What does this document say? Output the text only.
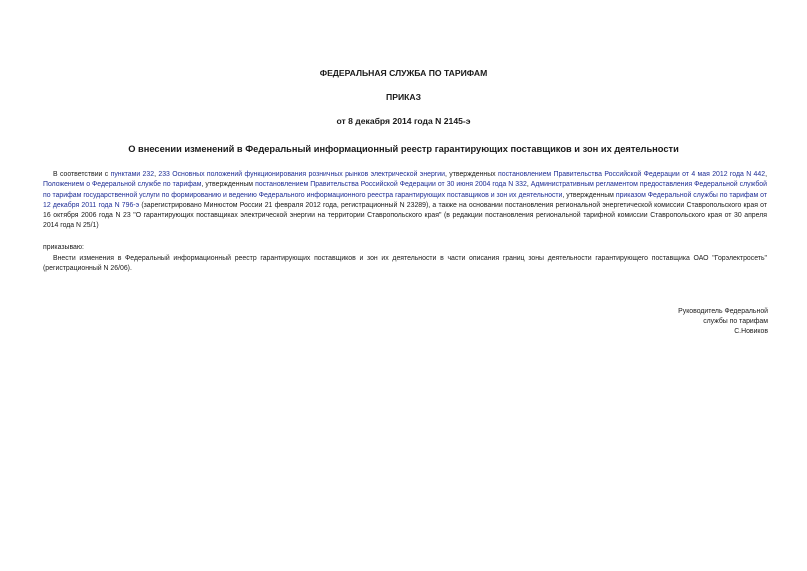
ФЕДЕРАЛЬНАЯ СЛУЖБА ПО ТАРИФАМ
ПРИКАЗ
от 8 декабря 2014 года N 2145-э
О внесении изменений в Федеральный информационный реестр гарантирующих поставщиков и зон их деятельности
В соответствии с пунктами 232, 233 Основных положений функционирования розничных рынков электрической энергии, утвержденных постановлением Правительства Российской Федерации от 4 мая 2012 года N 442, Положением о Федеральной службе по тарифам, утвержденным постановлением Правительства Российской Федерации от 30 июня 2004 года N 332, Административным регламентом предоставления Федеральной службой по тарифам государственной услуги по формированию и ведению Федерального информационного реестра гарантирующих поставщиков и зон их деятельности, утвержденным приказом Федеральной службы по тарифам от 12 декабря 2011 года N 796-э (зарегистрировано Минюстом России 21 февраля 2012 года, регистрационный N 23289), а также на основании постановления региональной энергетической комиссии Ставропольского края от 16 октября 2006 года N 23 "О гарантирующих поставщиках электрической энергии на территории Ставропольского края" (в редакции постановления региональной тарифной комиссии Ставропольского края от 30 апреля 2014 года N 25/1)
приказываю:
Внести изменения в Федеральный информационный реестр гарантирующих поставщиков и зон их деятельности в части описания границ зоны деятельности гарантирующего поставщика ОАО "Горэлектросеть" (регистрационный N 26/06).
Руководитель Федеральной
службы по тарифам
С.Новиков
